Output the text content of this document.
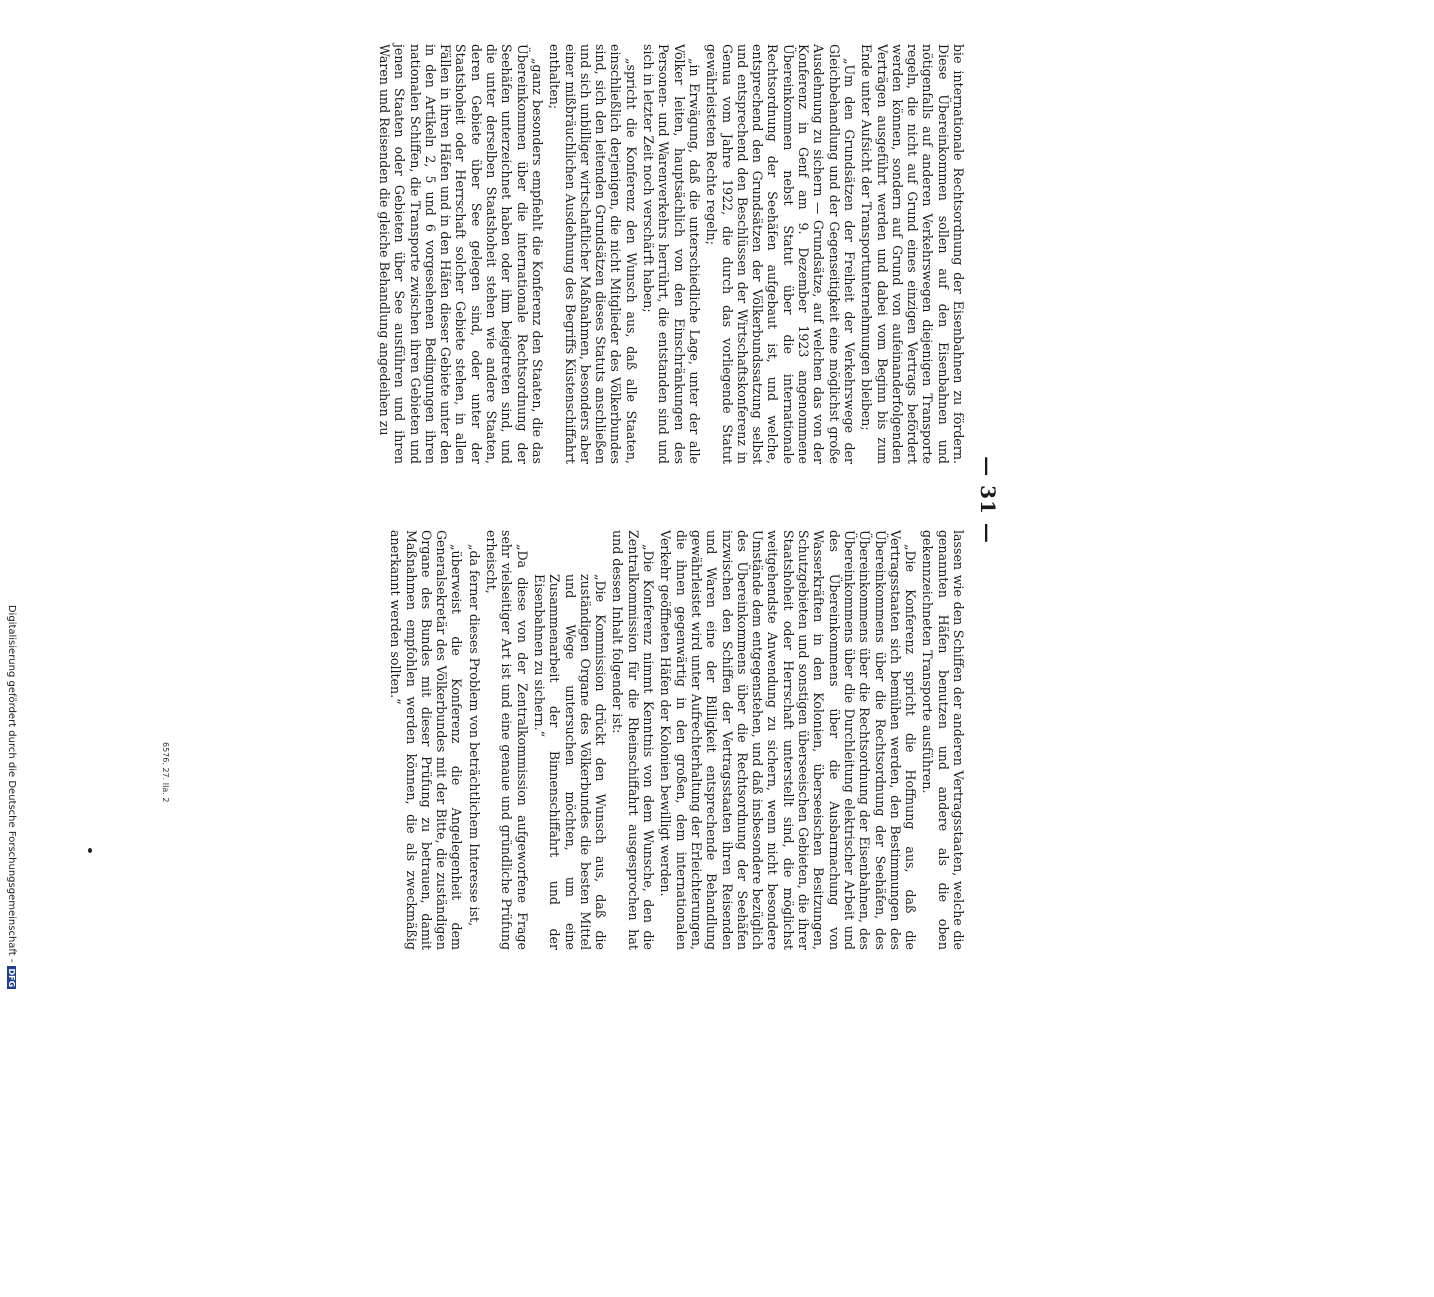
— 31 —

bie internationale Rechtsordnung der Eisenbahnen zu fördern. Diese Übereinkommen sollen auf den Eisenbahnen und nötigenfalls auf anderen Verkehrswegen diejenigen Transporte regeln, die nicht auf Grund eines einzigen Vertrags befördert werden können, sondern auf Grund von aufeinanderfolgenden Verträgen ausgeführt werden und dabei vom Beginn bis zum Ende unter Aufsicht der Transportunternehmungen bleiben;

„Um den Grundsätzen der Freiheit der Verkehrswege der Gleichbehandlung und der Gegenseitigkeit eine möglichst große Ausdehnung zu sichern — Grundsätze, auf welchen das von der Konferenz in Genf am 9. Dezember 1923 angenommene Übereinkommen nebst Statut über die internationale Rechtsordnung der Seehäfen aufgebaut ist, und welche, entsprechend den Grundsätzen der Völkerbundssatzung selbst und entsprechend den Beschlüssen der Wirtschaftskonferenz in Genua vom Jahre 1922, die durch das vorliegende Statut gewährleisteten Rechte regeln;

„in Erwägung, daß die unterschiedliche Lage, unter der alle Völker leiten, hauptsächlich von den Einschränkungen des Personen- und Warenverkehrs herrührt, die entstanden sind und sich in letzter Zeit noch verschärft haben;

„spricht die Konferenz den Wunsch aus, daß alle Staaten, einschließlich derjenigen, die nicht Mitglieder des Völkerbundes sind, sich den leitenden Grundsätzen dieses Statuts anschließen und sich unbilliger wirtschaftlicher Maßnahmen, besonders aber einer mißbräuchlichen Ausdehnung des Begriffs Küstenschiffahrt enthalten;

„ganz besonders empfiehlt die Konferenz den Staaten, die das Übereinkommen über die internationale Rechtsordnung der Seehäfen unterzeichnet haben oder ihm beigetreten sind, und die unter derselben Staatshoheit stehen wie andere Staaten, deren Gebiete über See gelegen sind, oder unter der Staatshoheit oder Herrschaft solcher Gebiete stehen, in allen Fällen in ihren Häfen und in den Häfen dieser Gebiete unter den in den Artikeln 2, 5 und 6 vorgesehenen Bedingungen ihren nationalen Schiffen, die Transporte zwischen ihren Gebieten und jenen Staaten oder Gebieten über See ausführen und ihren Waren und Reisenden die gleiche Behandlung angedeihen zu

lassen wie den Schiffen der anderen Vertragsstaaten, welche die genannten Häfen benutzen und andere als die oben gekennzeichneten Transporte ausführen.

„Die Konferenz spricht die Hoffnung aus, daß die Vertragsstaaten sich bemühen werden, den Bestimmungen des Übereinkommens über die Rechtsordnung der Seehäfen, des Übereinkommens über die Rechtsordnung der Eisenbahnen, des Übereinkommens über die Durchleitung elektrischer Arbeit und des Übereinkommens über die Ausbarmachung von Wasserkräften in den Kolonien, überseeischen Besitzungen, Schutzgebieten und sonstigen überseeischen Gebieten, die ihrer Staatshoheit oder Herrschaft unterstellt sind, die möglichst weitgehendste Anwendung zu sichern, wenn nicht besondere Umstände dem entgegenstehen, und daß insbesondere bezüglich des Übereinkommens über die Rechtsordnung der Seehäfen inzwischen den Schiffen der Vertragsstaaten ihren Reisenden und Waren eine der Billigkeit entsprechende Behandlung gewährleistet wird unter Aufrechterhaltung der Erleichterungen, die ihnen gegenwärtig in den großen, dem internationalen Verkehr geöffneten Häfen der Kolonien bewilligt werden.

„Die Konferenz nimmt Kenntnis von dem Wunsche, den die Zentralkommission für die Rheinschiffahrt ausgesprochen hat und dessen Inhalt folgender ist:

„Die Kommission drückt den Wunsch aus, daß die zuständigen Organe des Völkerbundes die besten Mittel und Wege untersuchen möchten, um eine Zusammenarbeit der Binnenschiffahrt und der Eisenbahnen zu sichern.“

„Da diese von der Zentralkommission aufgeworfene Frage sehr vielseitiger Art ist und eine genaue und gründliche Prüfung erheischt,

„da ferner dieses Problem von beträchtlichem Interesse ist,

„überweist die Konferenz die Angelegenheit dem Generalsekretär des Völkerbundes mit der Bitte, die zuständigen Organe des Bundes mit dieser Prüfung zu betrauen, damit Maßnahmen empfohlen werden können, die als zweckmäßig anerkannt werden sollten.“

6576. 27. IIa. 2
Digitalisierung gefördert durch die Deutsche Forschungsgemeinschaft -DFG
